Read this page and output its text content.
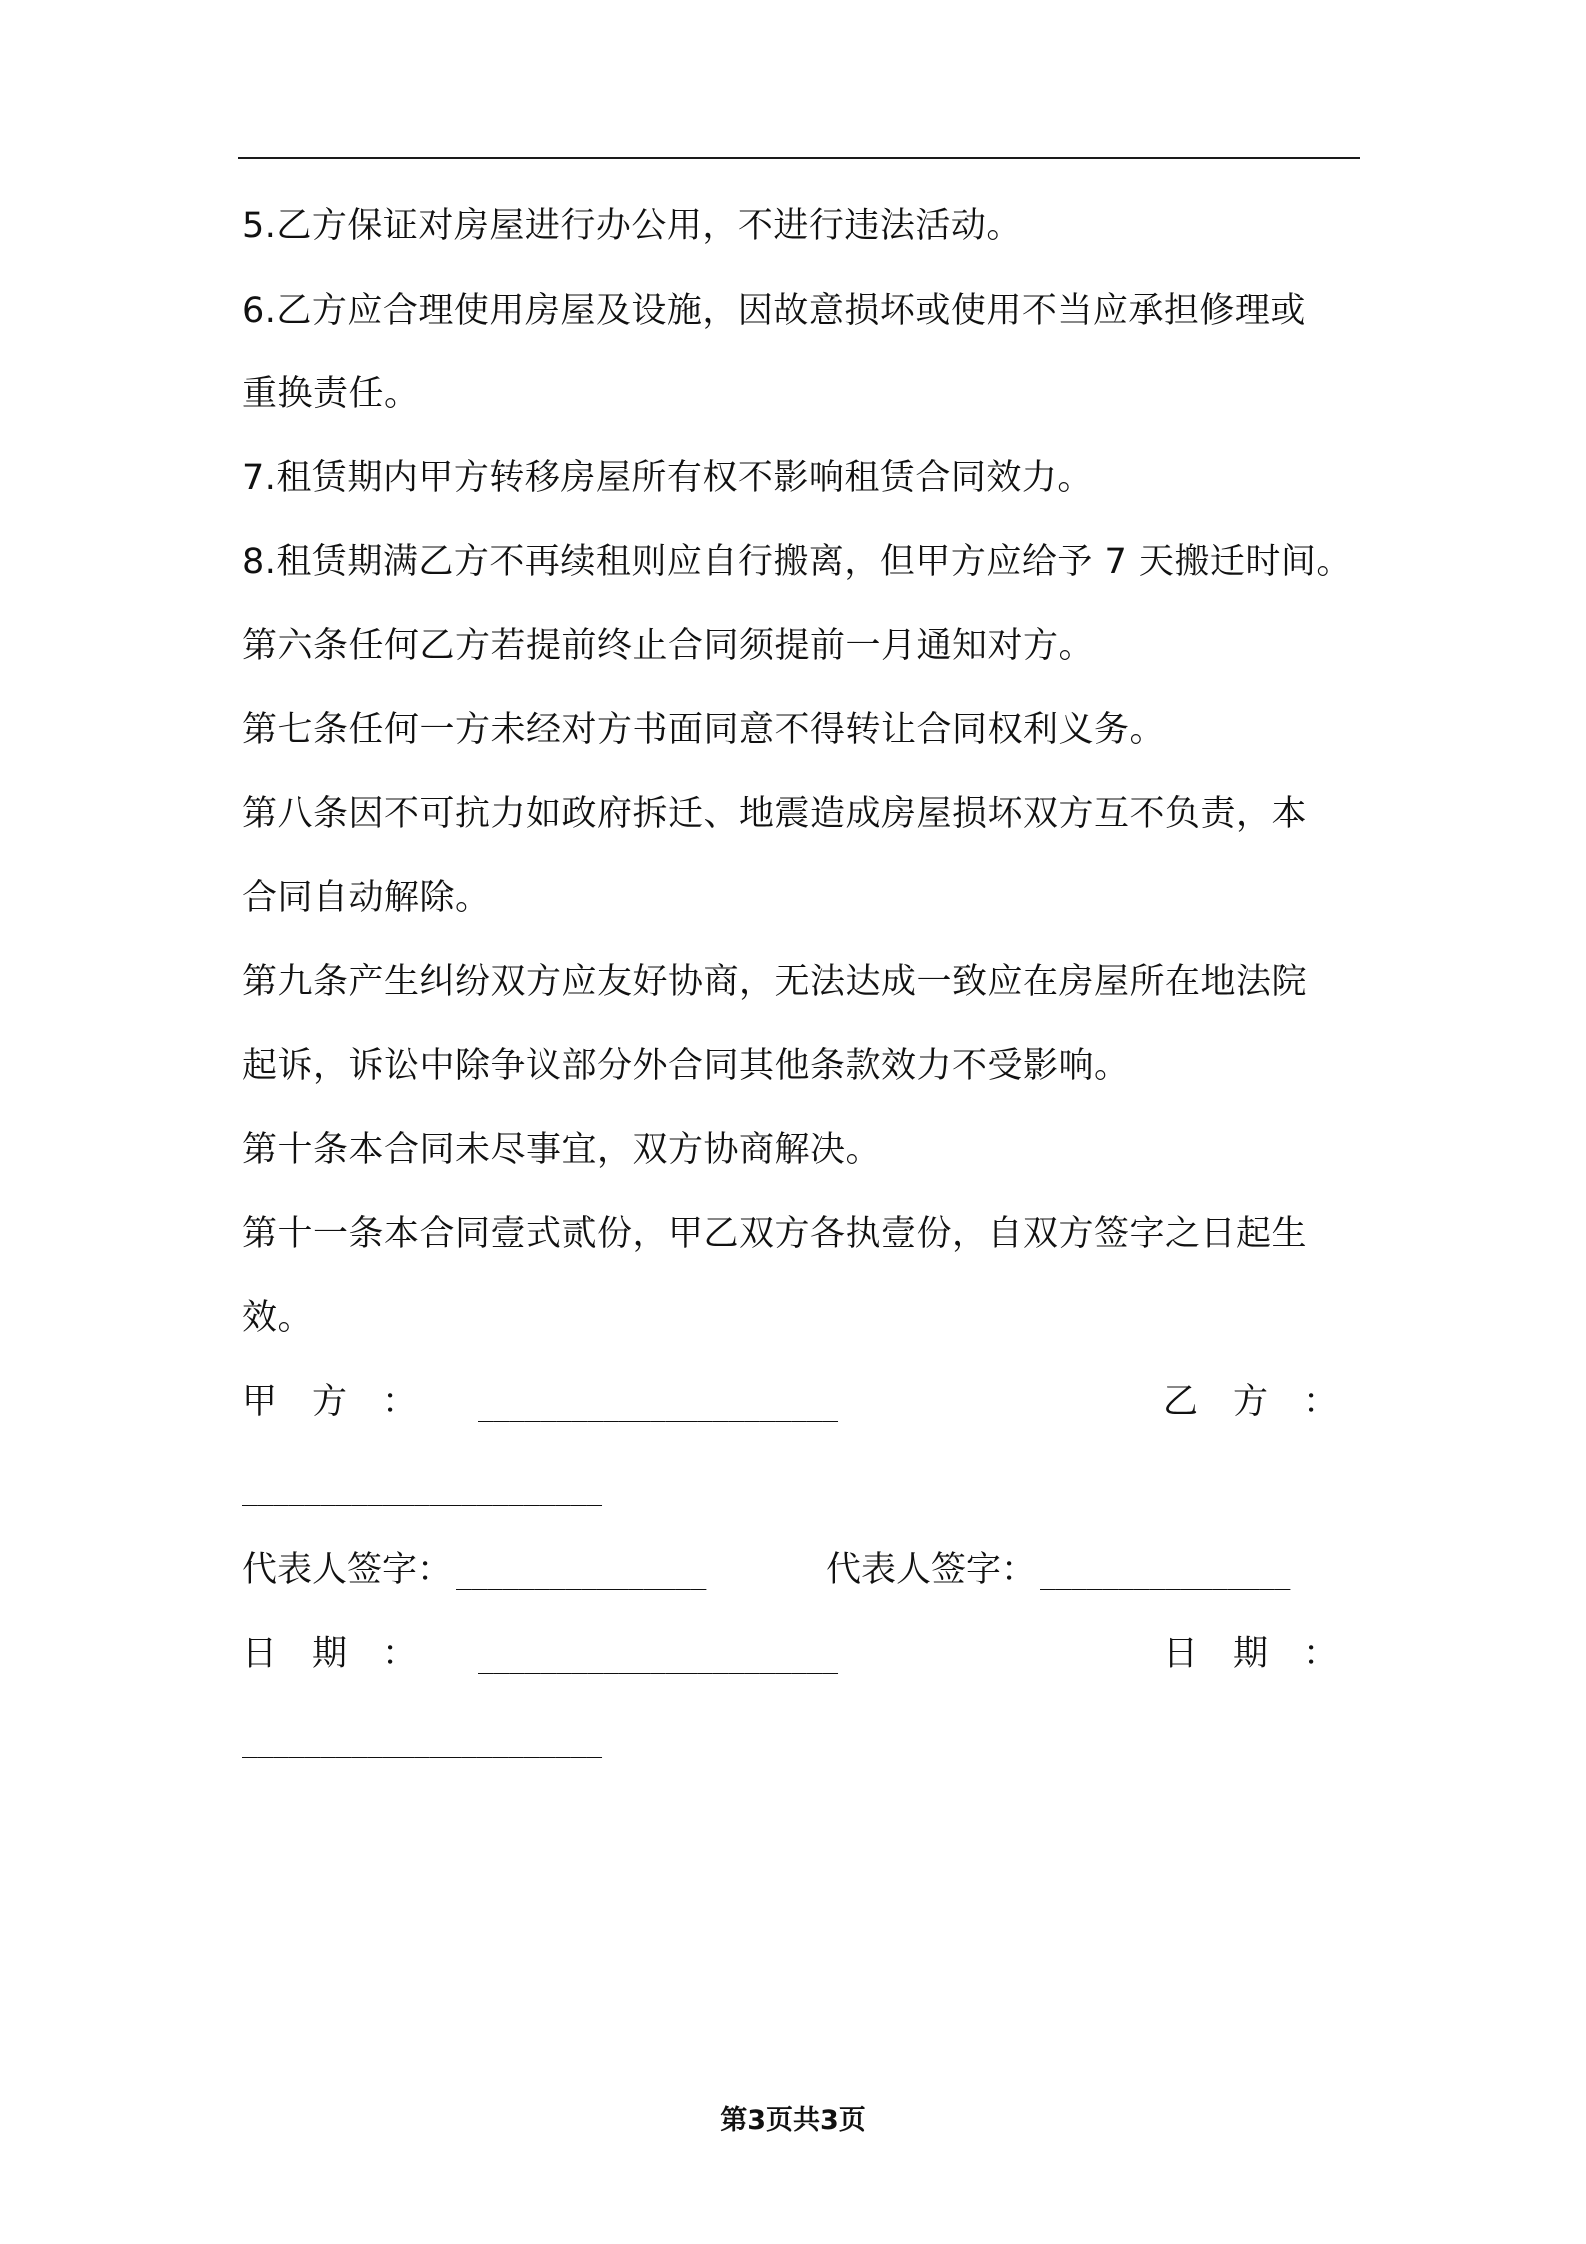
5.乙方保证对房屋进行办公用，不进行违法活动。
6.乙方应合理使用房屋及设施，因故意损坏或使用不当应承担修理或
重换责任。
7.租赁期内甲方转移房屋所有权不影响租赁合同效力。
8.租赁期满乙方不再续租则应自行搬离，但甲方应给予 7 天搬迁时间。
第六条任何乙方若提前终止合同须提前一月通知对方。
第七条任何一方未经对方书面同意不得转让合同权利义务。
第八条因不可抗力如政府拆迁、地震造成房屋损坏双方互不负责，本
合同自动解除。
第九条产生纠纷双方应友好协商，无法达成一致应在房屋所在地法院
起诉，诉讼中除争议部分外合同其他条款效力不受影响。
第十条本合同未尽事宜，双方协商解决。
第十一条本合同壹式贰份，甲乙双方各执壹份，自双方签字之日起生
效。
甲　方　： _______________________	乙　方　：
_______________________
代表人签字： ________________	代表人签字： ________________
日　期　： _______________________	日　期　：
_______________________
第3页共3页
